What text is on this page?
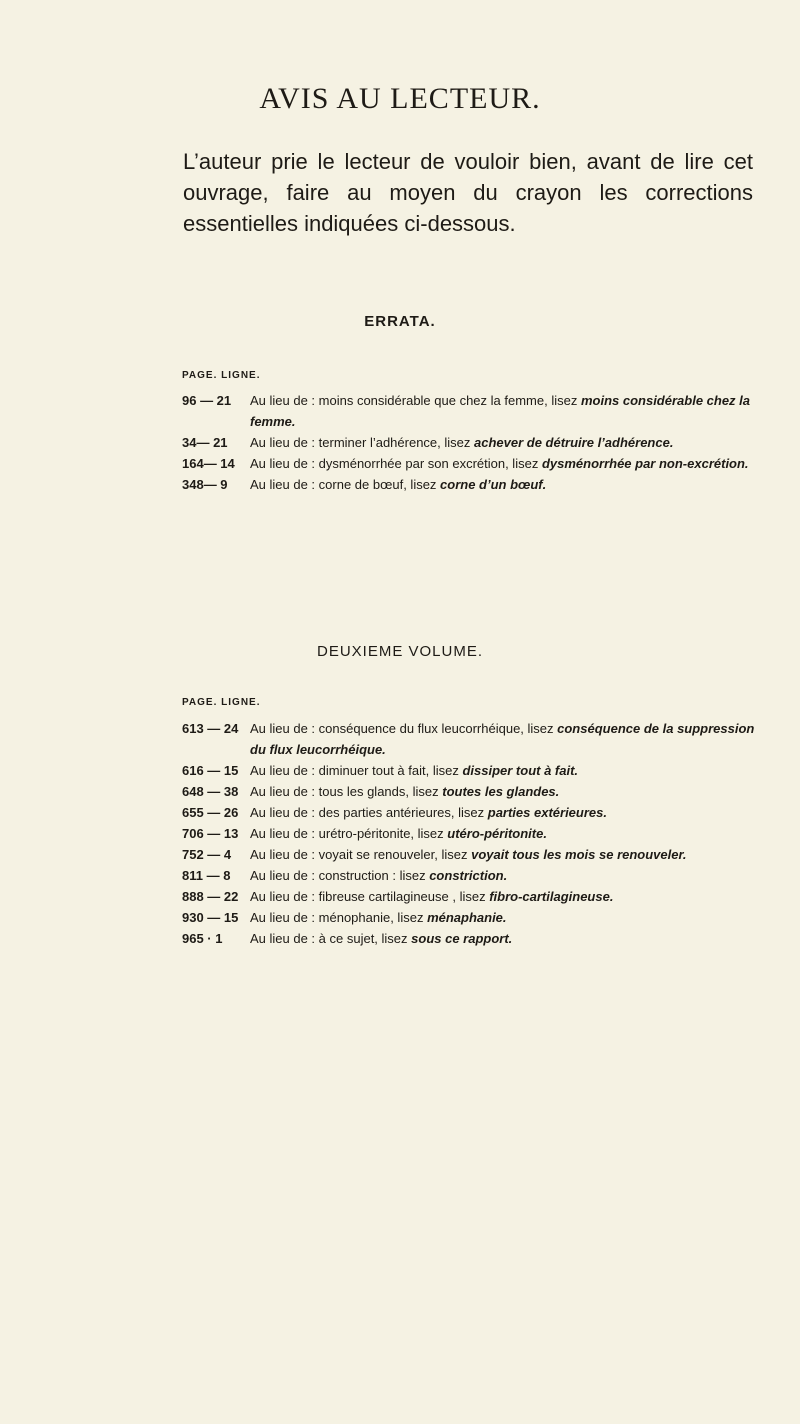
AVIS AU LECTEUR.

L’auteur prie le lecteur de vouloir bien, avant de lire cet ouvrage, faire au moyen du crayon les corrections essentielles indiquées ci-dessous.

ERRATA.
PAGE. LIGNE.
96 — 21	Au lieu de : moins considérable que chez la femme, lisez moins considérable chez la femme.
34— 21	Au lieu de : terminer l’adhérence, lisez achever de détruire l’adhérence.
164— 14	Au lieu de : dysménorrhée par son excrétion, lisez dysménorrhée par non-excrétion.
348— 9	Au lieu de : corne de bœuf, lisez corne d’un bœuf.
DEUXIEME VOLUME.
PAGE. LIGNE.
613 — 24 Au lieu de : conséquence du flux leucorrhéique, lisez conséquence de la suppression du flux leucorrhéique.
616 — 15 Au lieu de : diminuer tout à fait, lisez dissiper tout à fait.
648 — 38 Au lieu de : tous les glands, lisez toutes les glandes.
655 — 26 Au lieu de : des parties antérieures, lisez parties extérieures.
706 — 13 Au lieu de : urétro-péritonite, lisez utéro-péritonite.
752 — 4	Au lieu de : voyait se renouveler, lisez voyait tous les mois se renouveler.
811 — 8	Au lieu de : construction : lisez constriction.
888 — 22 Au lieu de : fibreuse cartilagineuse , lisez fibro-cartilagineuse.
930 — 15 Au lieu de : ménophanie, lisez ménaphanie.
965 · 1	Au lieu de : à ce sujet, lisez sous ce rapport.
